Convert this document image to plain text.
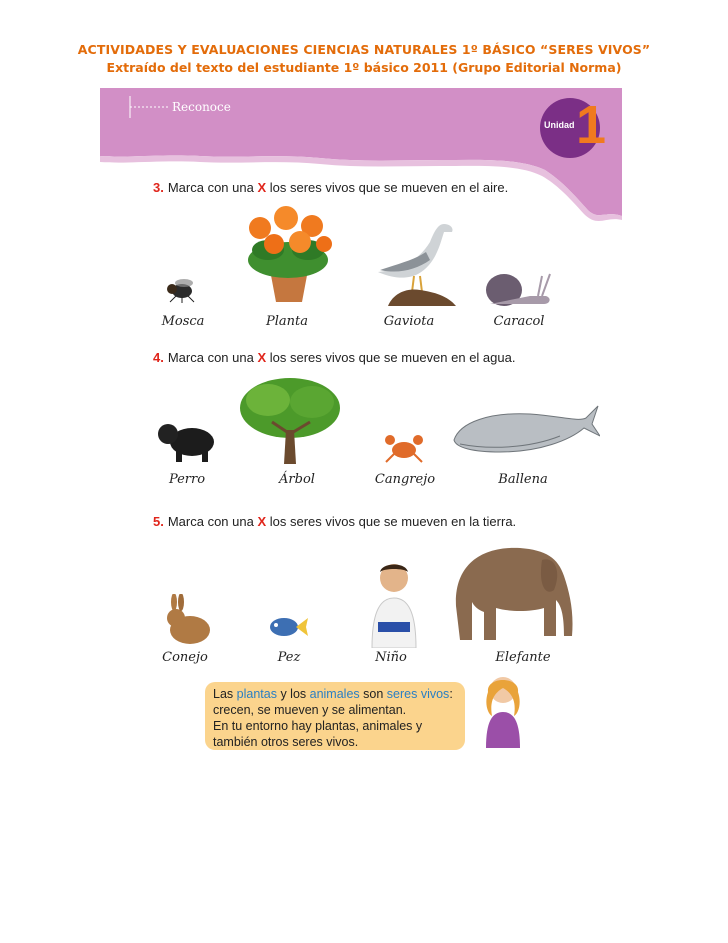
ACTIVIDADES Y EVALUACIONES CIENCIAS NATURALES 1º BÁSICO “SERES VIVOS”
Extraído del texto del estudiante 1º básico 2011 (Grupo Editorial Norma)
Reconoce
Unidad 1
3. Marca con una X los seres vivos que se mueven en el aire.
Mosca	Planta	Gaviota	Caracol
4. Marca con una X los seres vivos que se mueven en el agua.
Perro	Árbol	Cangrejo	Ballena
5. Marca con una X los seres vivos que se mueven en la tierra.
Conejo	Pez	Niño	Elefante
Las plantas y los animales son seres vivos:
crecen, se mueven y se alimentan.
En tu entorno hay plantas, animales y
también otros seres vivos.
